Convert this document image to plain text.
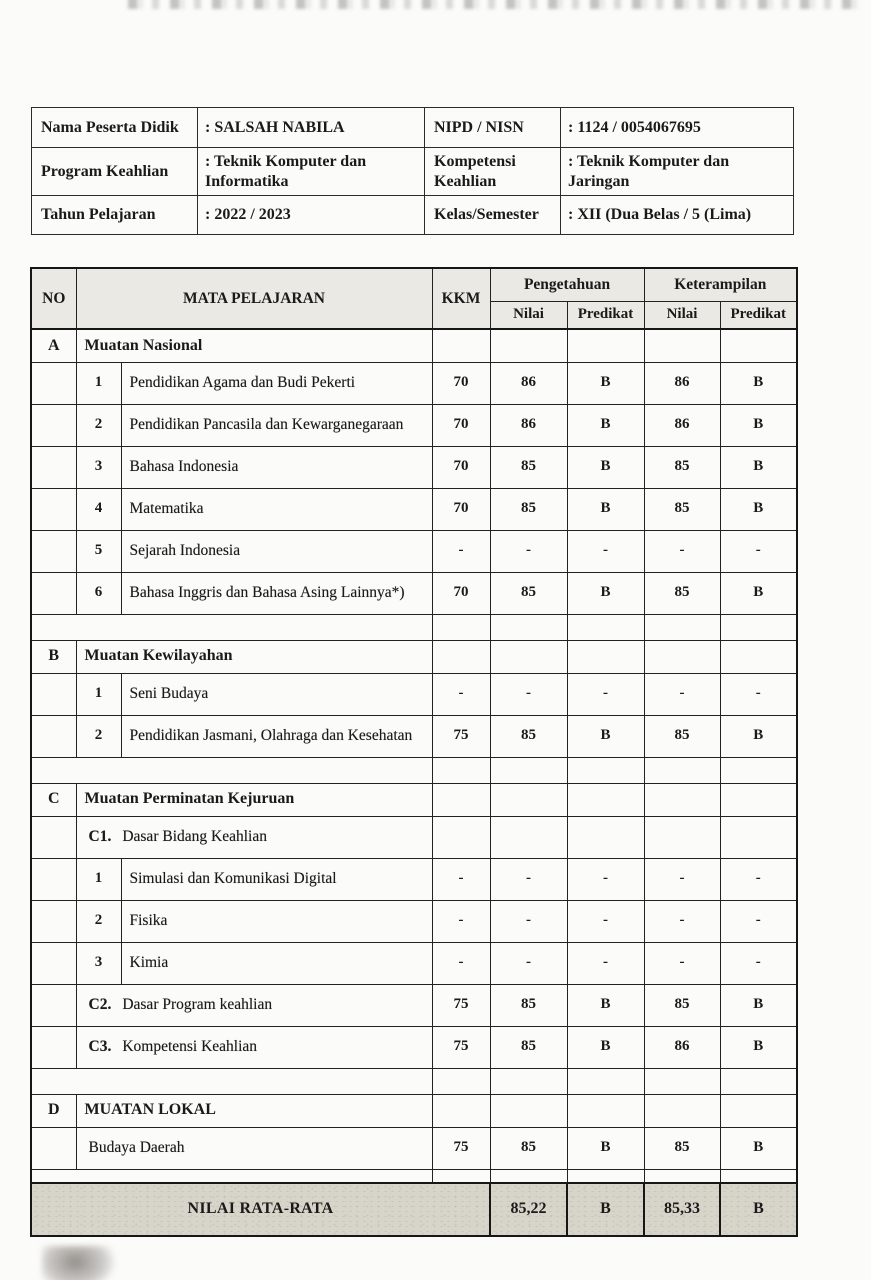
Nama Peserta Didik	: SALSAH NABILA	NIPD / NISN	: 1124 / 0054067695
Program Keahlian	: Teknik Komputer dan Informatika	Kompetensi Keahlian	: Teknik Komputer dan Jaringan
Tahun Pelajaran	: 2022 / 2023	Kelas/Semester	: XII (Dua Belas / 5 (Lima)
NO	MATA PELAJARAN		KKM	Pengetahuan		Keterampilan	
				Nilai	Predikat	Nilai	Predikat
A	Muatan Nasional						
	1	Pendidikan Agama dan Budi Pekerti	70	86	B	86	B
	2	Pendidikan Pancasila dan Kewarganegaraan	70	86	B	86	B
	3	Bahasa Indonesia	70	85	B	85	B
	4	Matematika	70	85	B	85	B
	5	Sejarah Indonesia	-	-	-	-	-
	6	Bahasa Inggris dan Bahasa Asing Lainnya*)	70	85	B	85	B

B	Muatan Kewilayahan						
	1	Seni Budaya	-	-	-	-	-
	2	Pendidikan Jasmani, Olahraga dan Kesehatan	75	85	B	85	B

C	Muatan Perminatan Kejuruan						
	C1. Dasar Bidang Keahlian						
	1	Simulasi dan Komunikasi Digital	-	-	-	-	-
	2	Fisika	-	-	-	-	-
	3	Kimia	-	-	-	-	-
	C2. Dasar Program keahlian		75	85	B	85	B
	C3. Kompetensi Keahlian		75	85	B	86	B

D	MUATAN LOKAL						
	Budaya Daerah		75	85	B	85	B

NILAI RATA-RATA				85,22	B	85,33	B
